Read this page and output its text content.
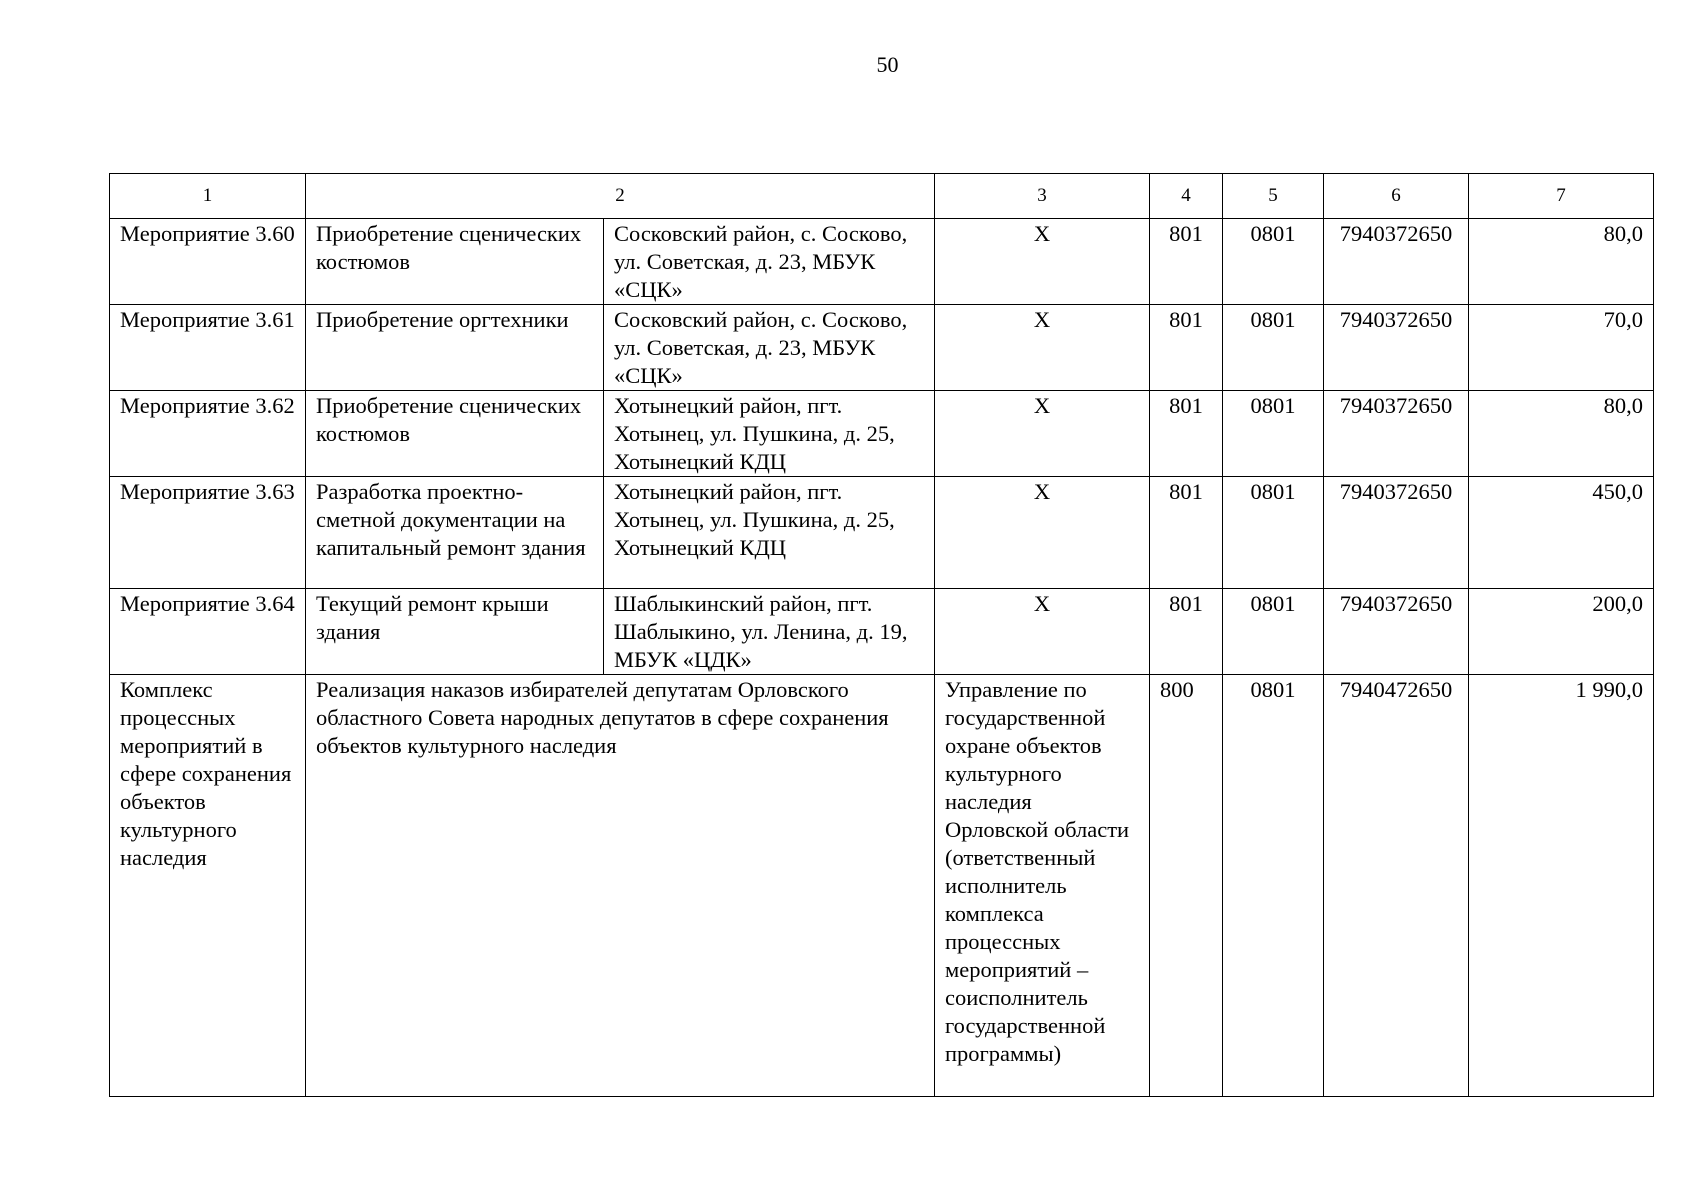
50
1	2		3	4	5	6	7
Мероприятие 3.60	Приобретение сценических костюмов	Сосковский район, с. Сосково, ул. Советская, д. 23, МБУК «СЦК»	Х	801	0801	7940372650	80,0
Мероприятие 3.61	Приобретение оргтехники	Сосковский район, с. Сосково, ул. Советская, д. 23, МБУК «СЦК»	Х	801	0801	7940372650	70,0
Мероприятие 3.62	Приобретение сценических костюмов	Хотынецкий район, пгт. Хотынец, ул. Пушкина, д. 25, Хотынецкий КДЦ	Х	801	0801	7940372650	80,0
Мероприятие 3.63	Разработка проектно-сметной документации на капитальный ремонт здания	Хотынецкий район, пгт. Хотынец, ул. Пушкина, д. 25, Хотынецкий КДЦ	Х	801	0801	7940372650	450,0
Мероприятие 3.64	Текущий ремонт крыши здания	Шаблыкинский район, пгт. Шаблыкино, ул. Ленина, д. 19, МБУК «ЦДК»	Х	801	0801	7940372650	200,0
Комплекс процессных мероприятий в сфере сохранения объектов культурного наследия	Реализация наказов избирателей депутатам Орловского областного Совета народных депутатов в сфере сохранения объектов культурного наследия		Управление по государственной охране объектов культурного наследия Орловской области (ответственный исполнитель комплекса процессных мероприятий – соисполнитель государственной программы)	800	0801	7940472650	1 990,0
